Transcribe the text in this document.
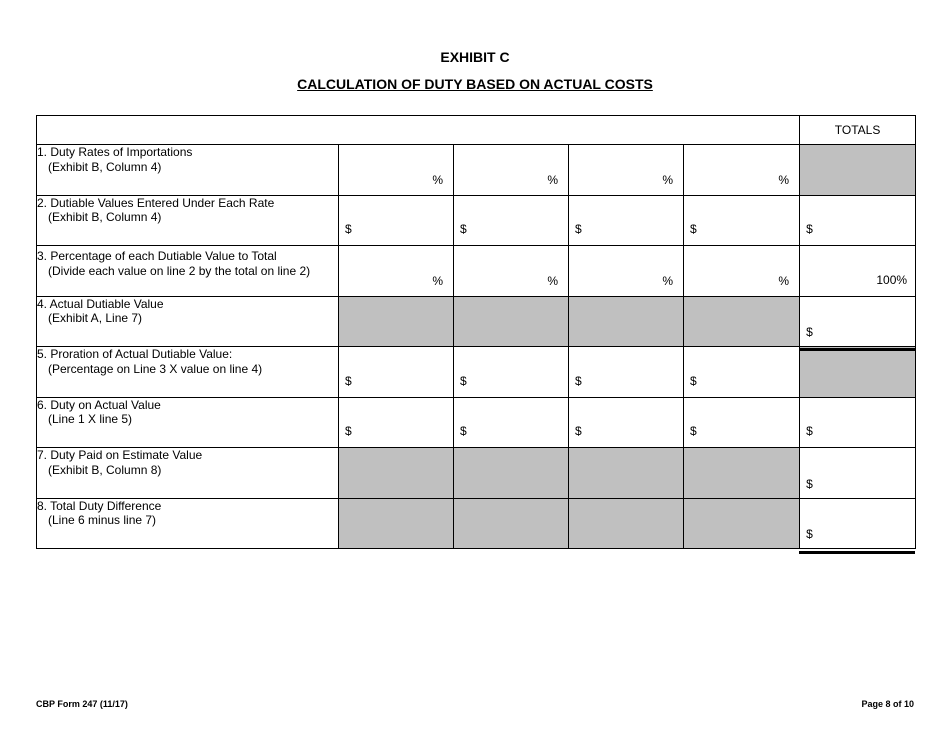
EXHIBIT C
CALCULATION OF DUTY BASED ON ACTUAL COSTS
					TOTALS
1. Duty Rates of Importations
(Exhibit B, Column 4)	%	%	%	%	

2. Dutiable Values Entered Under Each Rate
(Exhibit B, Column 4)	$	$	$	$	$

3. Percentage of each Dutiable Value to Total
(Divide each value on line 2 by the total on line 2)	%	%	%	%	100%

4. Actual Dutiable Value
(Exhibit A, Line 7)					$

5. Proration of Actual Dutiable Value:
(Percentage on Line 3 X value on line 4)	$	$	$	$	

6. Duty on Actual Value
(Line 1 X line 5)	$	$	$	$	$

7. Duty Paid on Estimate Value
(Exhibit B, Column 8)					$

8. Total Duty Difference
(Line 6 minus line 7)					$
CBP Form 247 (11/17)	Page 8 of 10
